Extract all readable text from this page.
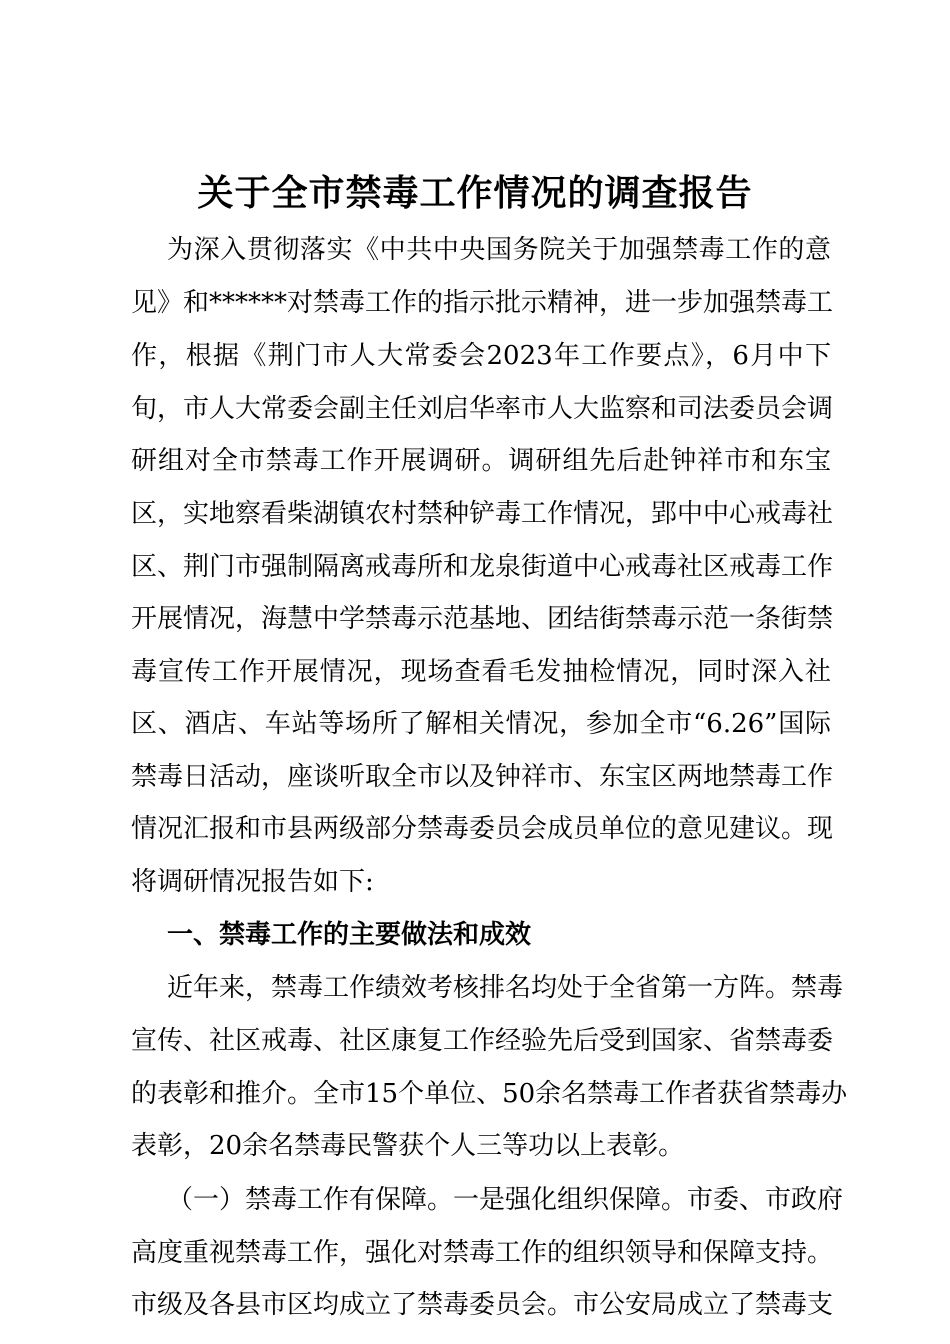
关于全市禁毒工作情况的调查报告

为深入贯彻落实《中共中央国务院关于加强禁毒工作的意

见》和******对禁毒工作的指示批示精神，进一步加强禁毒工

作，根据《荆门市人大常委会2023年工作要点》，6月中下

旬，市人大常委会副主任刘启华率市人大监察和司法委员会调

研组对全市禁毒工作开展调研。调研组先后赴钟祥市和东宝

区，实地察看柴湖镇农村禁种铲毒工作情况，郢中中心戒毒社

区、荆门市强制隔离戒毒所和龙泉街道中心戒毒社区戒毒工作

开展情况，海慧中学禁毒示范基地、团结街禁毒示范一条街禁

毒宣传工作开展情况，现场查看毛发抽检情况，同时深入社

区、酒店、车站等场所了解相关情况，参加全市“6.26”国际

禁毒日活动，座谈听取全市以及钟祥市、东宝区两地禁毒工作

情况汇报和市县两级部分禁毒委员会成员单位的意见建议。现

将调研情况报告如下:

一、禁毒工作的主要做法和成效

近年来，禁毒工作绩效考核排名均处于全省第一方阵。禁毒

宣传、社区戒毒、社区康复工作经验先后受到国家、省禁毒委

的表彰和推介。全市15个单位、50余名禁毒工作者获省禁毒办

表彰，20余名禁毒民警获个人三等功以上表彰。

（一）禁毒工作有保障。一是强化组织保障。市委、市政府

高度重视禁毒工作，强化对禁毒工作的组织领导和保障支持。

市级及各县市区均成立了禁毒委员会。市公安局成立了禁毒支
